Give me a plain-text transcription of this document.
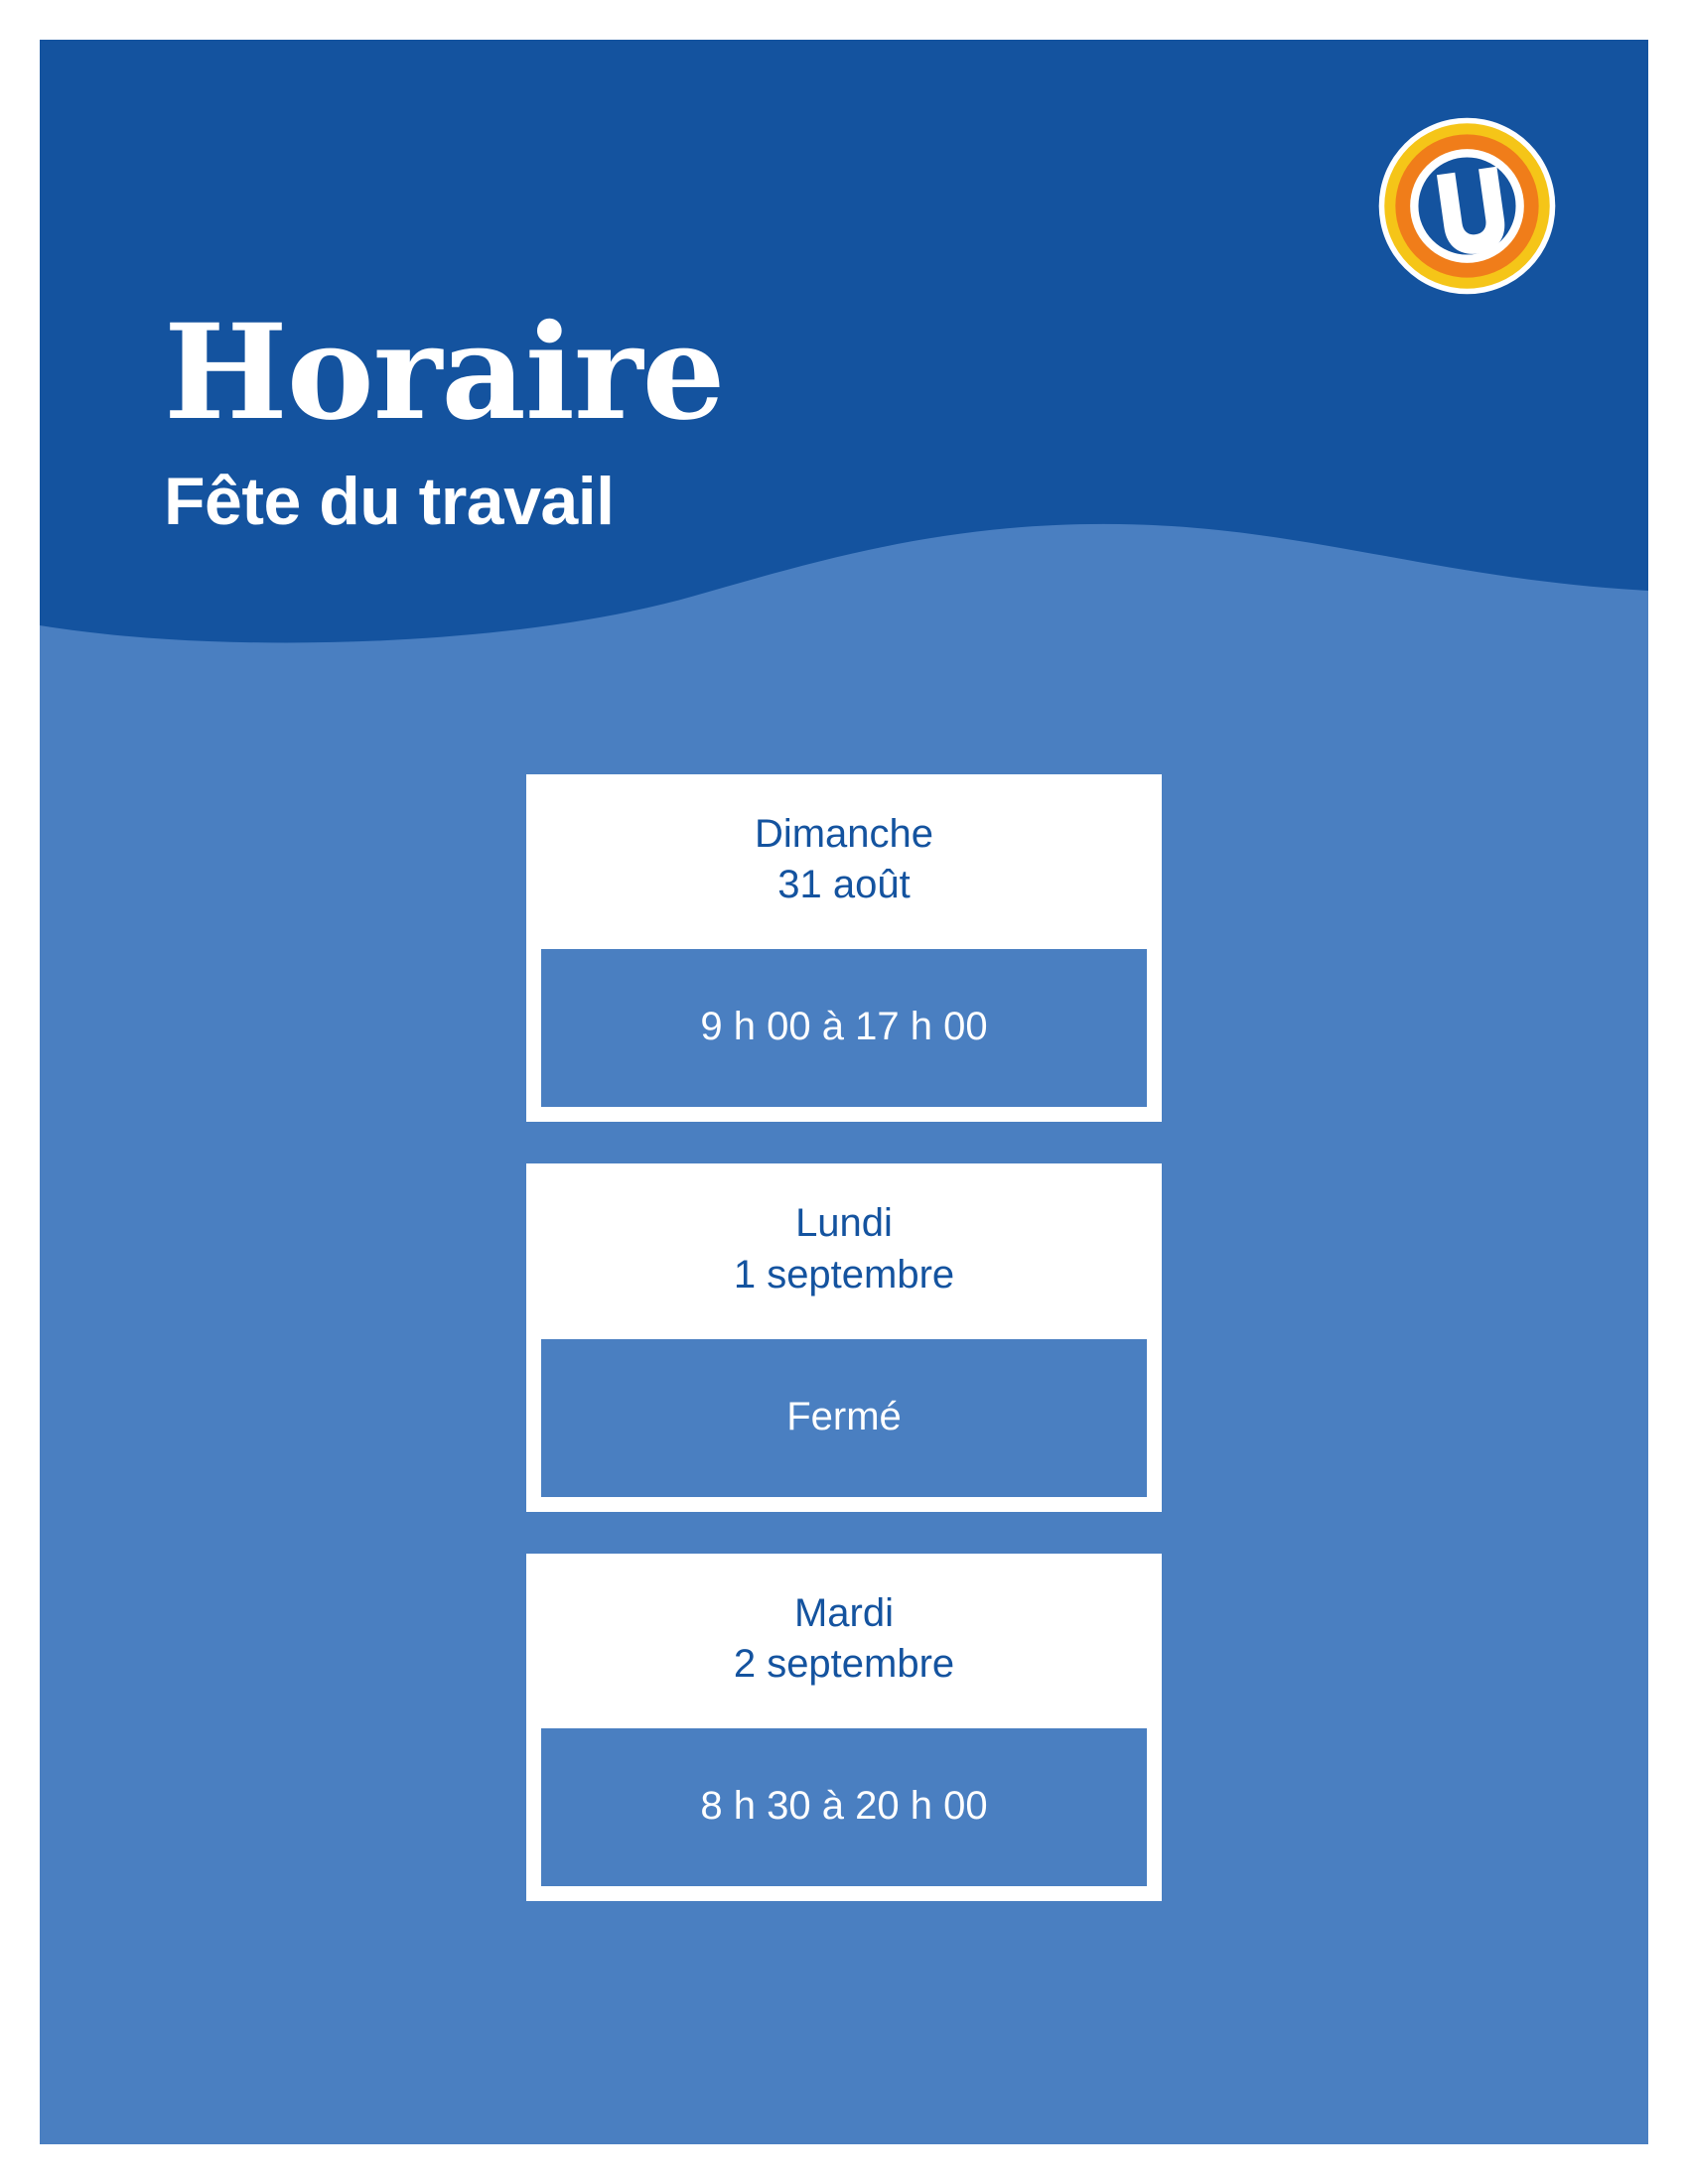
Horaire
Fête du travail
Dimanche
31 août
9 h 00 à 17 h 00
Lundi
1 septembre
Fermé
Mardi
2 septembre
8 h 30 à 20 h 00
